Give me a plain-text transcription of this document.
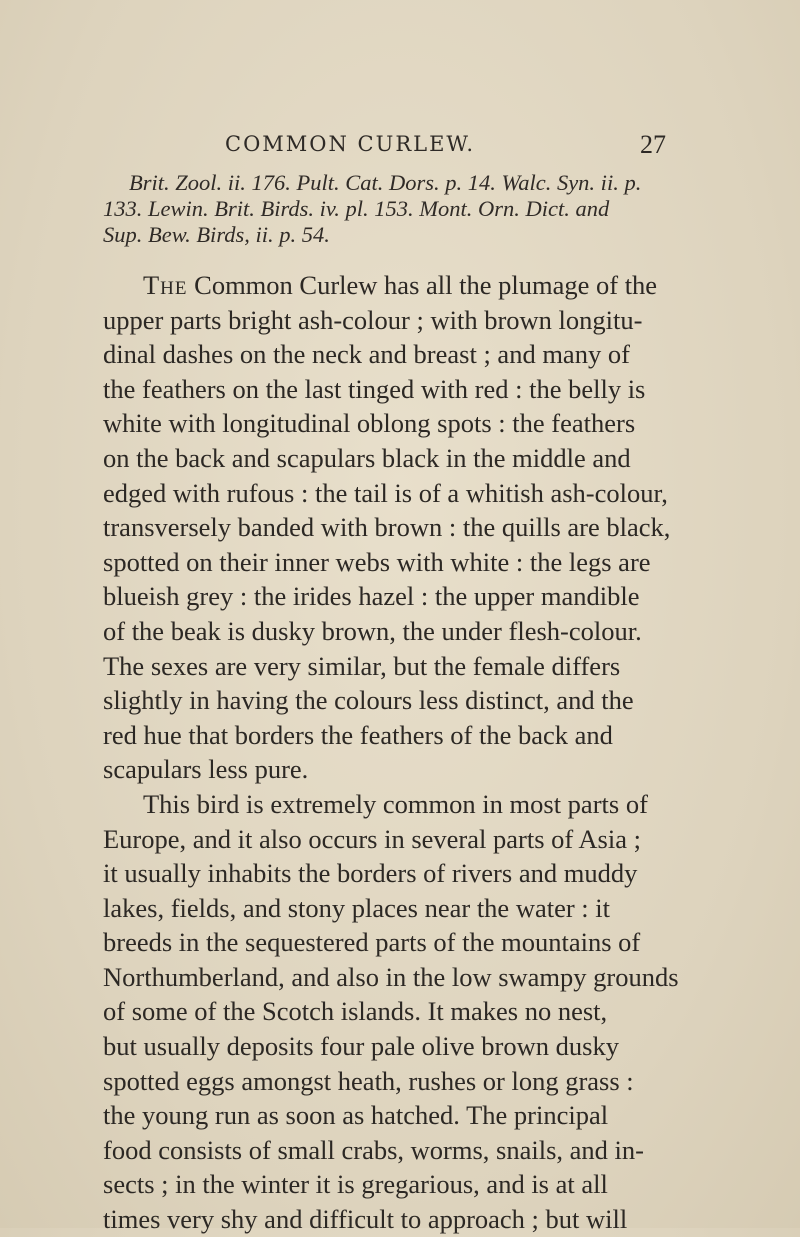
COMMON CURLEW.	27
Brit. Zool. ii. 176. Pult. Cat. Dors. p. 14. Walc. Syn. ii. p.
133. Lewin. Brit. Birds. iv. pl. 153. Mont. Orn. Dict. and
Sup. Bew. Birds, ii. p. 54.
The Common Curlew has all the plumage of the
upper parts bright ash-colour ; with brown longitu-
dinal dashes on the neck and breast ; and many of
the feathers on the last tinged with red : the belly is
white with longitudinal oblong spots : the feathers
on the back and scapulars black in the middle and
edged with rufous : the tail is of a whitish ash-colour,
transversely banded with brown : the quills are black,
spotted on their inner webs with white : the legs are
blueish grey : the irides hazel : the upper mandible
of the beak is dusky brown, the under flesh-colour.
The sexes are very similar, but the female differs
slightly in having the colours less distinct, and the
red hue that borders the feathers of the back and
scapulars less pure.
This bird is extremely common in most parts of
Europe, and it also occurs in several parts of Asia ;
it usually inhabits the borders of rivers and muddy
lakes, fields, and stony places near the water : it
breeds in the sequestered parts of the mountains of
Northumberland, and also in the low swampy grounds
of some of the Scotch islands. It makes no nest,
but usually deposits four pale olive brown dusky
spotted eggs amongst heath, rushes or long grass :
the young run as soon as hatched. The principal
food consists of small crabs, worms, snails, and in-
sects ; in the winter it is gregarious, and is at all
times very shy and difficult to approach ; but will
